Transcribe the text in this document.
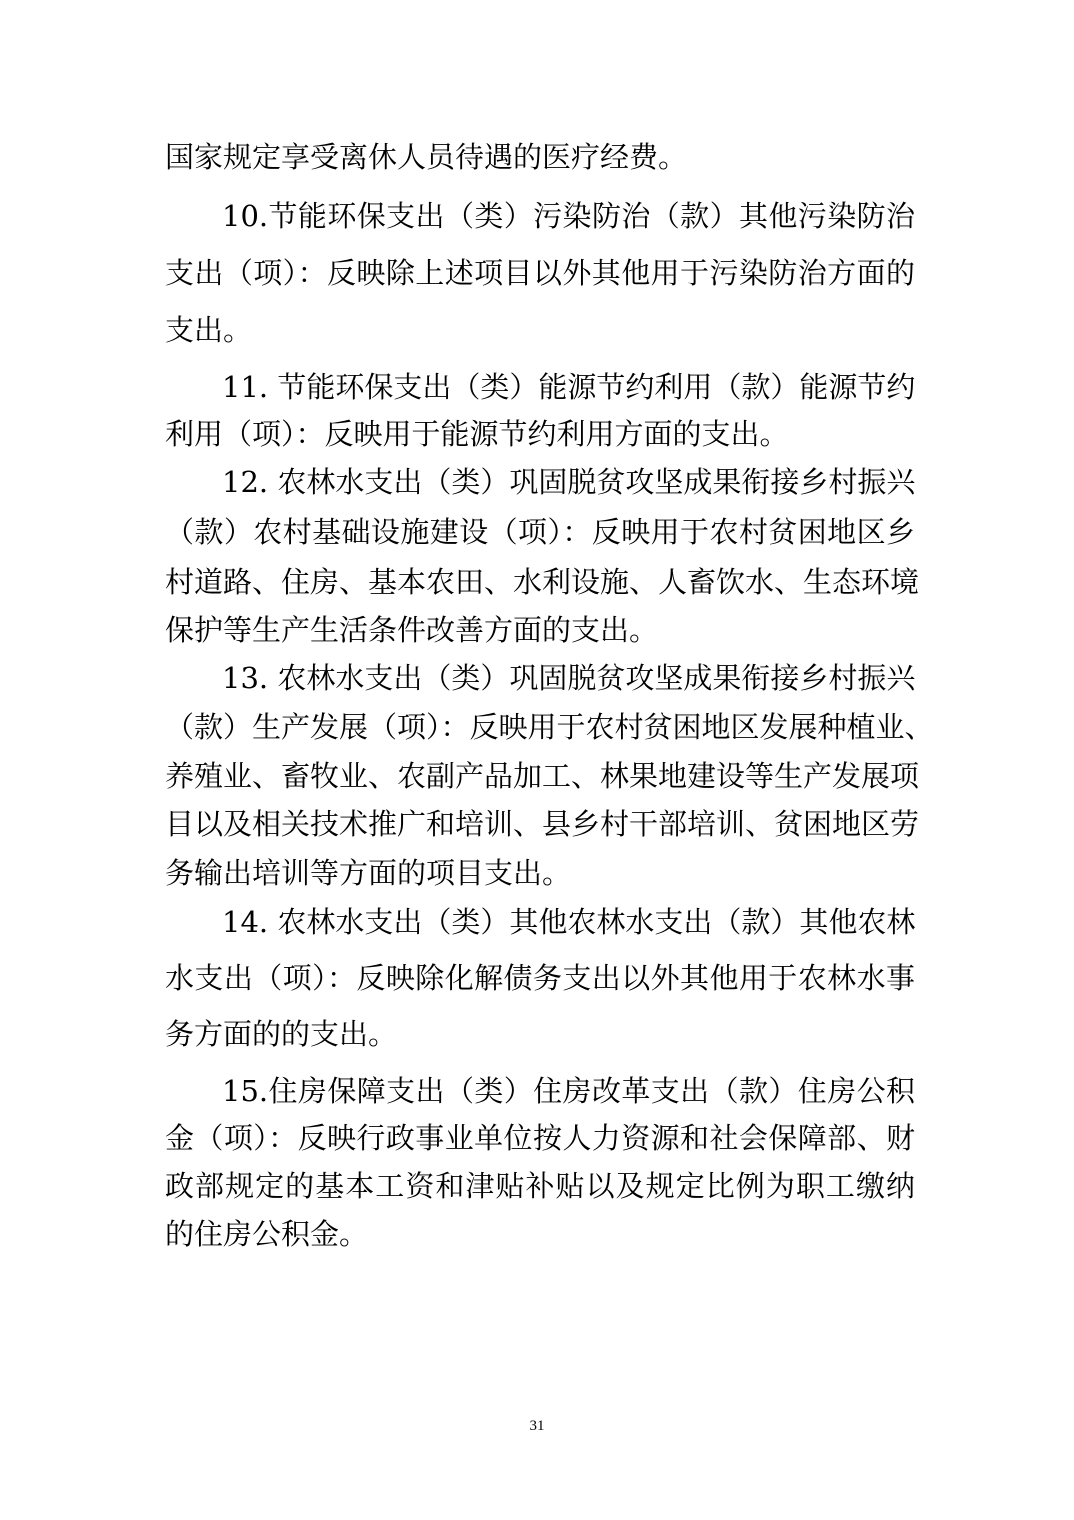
国家规定享受离休人员待遇的医疗经费。
10.节能环保支出（类）污染防治（款）其他污染防治
支出（项）：反映除上述项目以外其他用于污染防治方面的
支出。
11. 节能环保支出（类）能源节约利用（款）能源节约
利用（项）：反映用于能源节约利用方面的支出。
12. 农林水支出（类）巩固脱贫攻坚成果衔接乡村振兴
（款）农村基础设施建设（项）：反映用于农村贫困地区乡
村道路、住房、基本农田、水利设施、人畜饮水、生态环境
保护等生产生活条件改善方面的支出。
13. 农林水支出（类）巩固脱贫攻坚成果衔接乡村振兴
（款）生产发展（项）：反映用于农村贫困地区发展种植业、
养殖业、畜牧业、农副产品加工、林果地建设等生产发展项
目以及相关技术推广和培训、县乡村干部培训、贫困地区劳
务输出培训等方面的项目支出。
14. 农林水支出（类）其他农林水支出（款）其他农林
水支出（项）：反映除化解债务支出以外其他用于农林水事
务方面的的支出。
15.住房保障支出（类）住房改革支出（款）住房公积
金（项）：反映行政事业单位按人力资源和社会保障部、财
政部规定的基本工资和津贴补贴以及规定比例为职工缴纳
的住房公积金。
31
